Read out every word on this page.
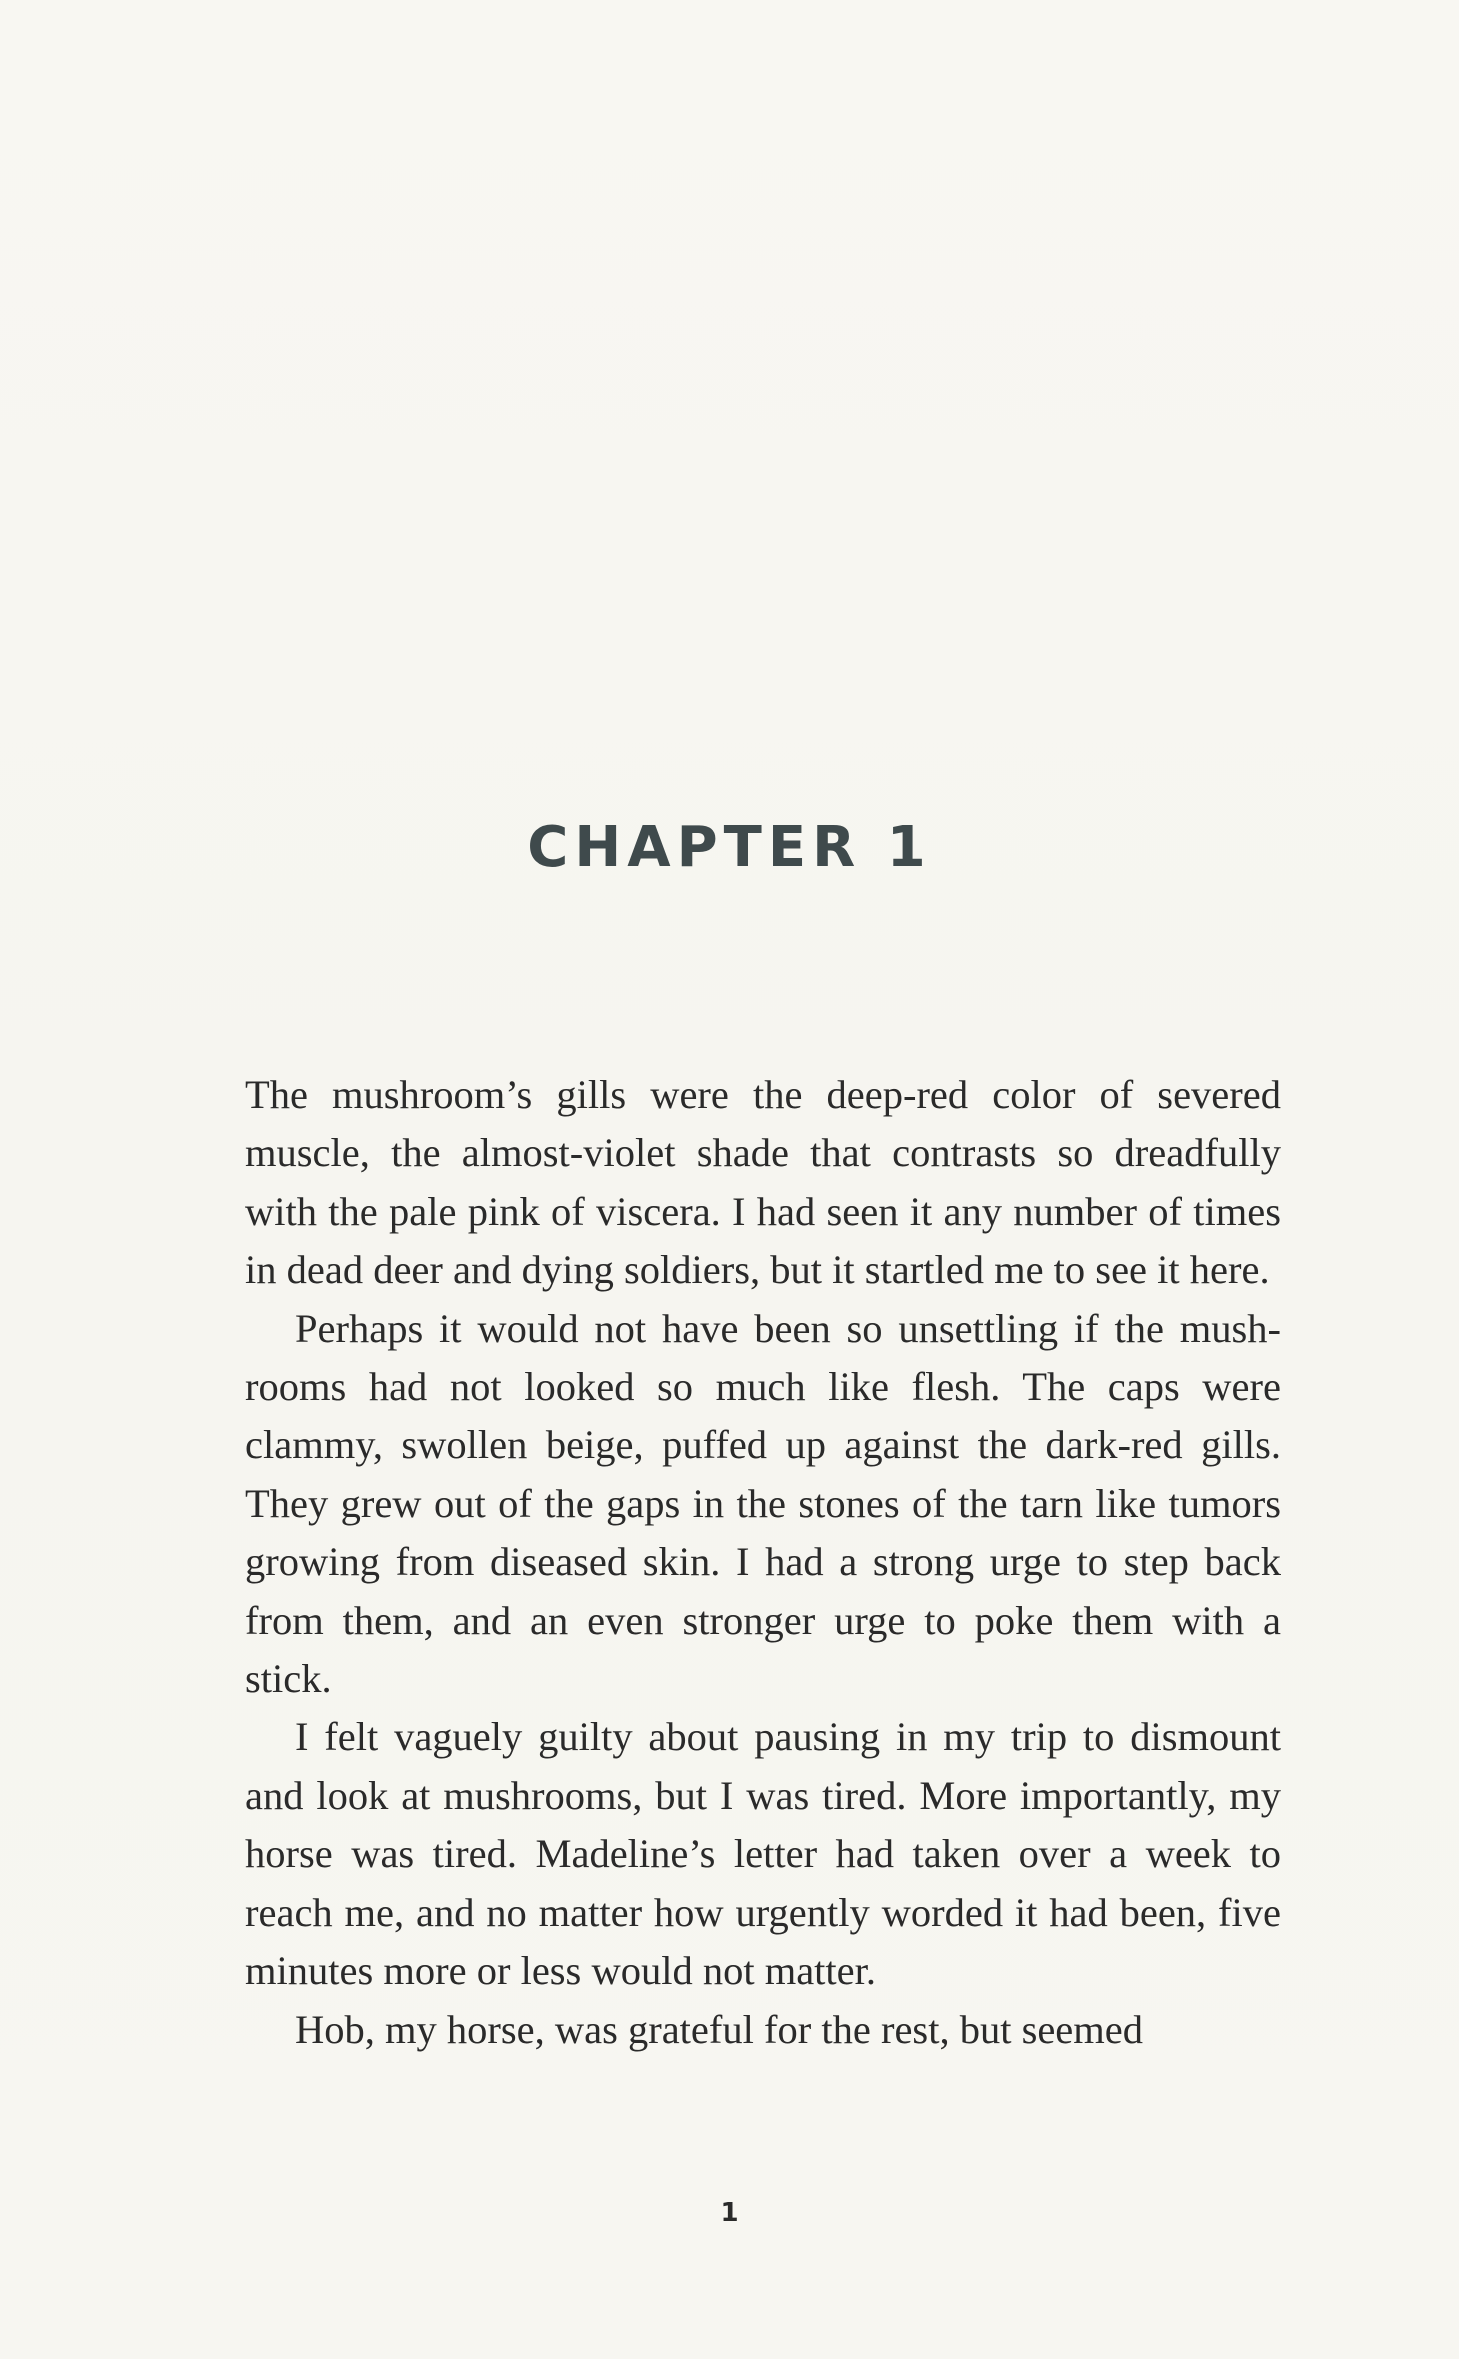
CHAPTER 1

The mushroom’s gills were the deep-red color of severed muscle, the almost-violet shade that contrasts so dreadfully with the pale pink of viscera. I had seen it any number of times in dead deer and dying soldiers, but it startled me to see it here.

Perhaps it would not have been so unsettling if the mushrooms had not looked so much like flesh. The caps were clammy, swollen beige, puffed up against the dark-red gills. They grew out of the gaps in the stones of the tarn like tumors growing from diseased skin. I had a strong urge to step back from them, and an even stronger urge to poke them with a stick.

I felt vaguely guilty about pausing in my trip to dismount and look at mushrooms, but I was tired. More importantly, my horse was tired. Madeline’s letter had taken over a week to reach me, and no matter how urgently worded it had been, five minutes more or less would not matter.

Hob, my horse, was grateful for the rest, but seemed

1
